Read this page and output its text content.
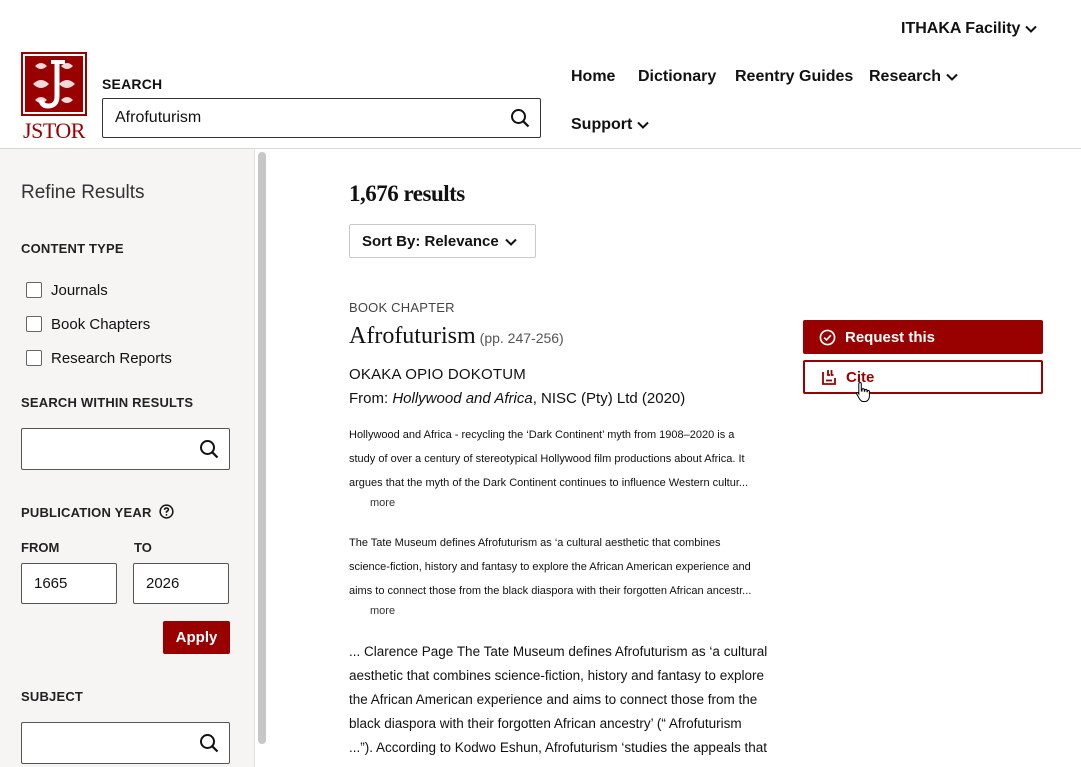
ITHAKA Facility
JSTOR
SEARCH
Afrofuturism	Home Dictionary Reentry Guides Research
Support
Refine Results
CONTENT TYPE
Journals
Book Chapters
Research Reports
SEARCH WITHIN RESULTS
PUBLICATION YEAR
FROM	TO
1665	2026
Apply
SUBJECT
1,676 results
Sort By: Relevance
BOOK CHAPTER
Afrofuturism (pp. 247-256)
OKAKA OPIO DOKOTUM
From: Hollywood and Africa, NISC (Pty) Ltd (2020)
Hollywood and Africa - recycling the ‘Dark Continent’ myth from 1908–2020 is a
study of over a century of stereotypical Hollywood film productions about Africa. It
argues that the myth of the Dark Continent continues to influence Western cultur...
more
The Tate Museum defines Afrofuturism as ‘a cultural aesthetic that combines
science-fiction, history and fantasy to explore the African American experience and
aims to connect those from the black diaspora with their forgotten African ancestr...
more
... Clarence Page The Tate Museum defines Afrofuturism as ‘a cultural
aesthetic that combines science-fiction, history and fantasy to explore
the African American experience and aims to connect those from the
black diaspora with their forgotten African ancestry’ (“ Afrofuturism
...”). According to Kodwo Eshun, Afrofuturism ‘studies the appeals that
Request this
Cite
